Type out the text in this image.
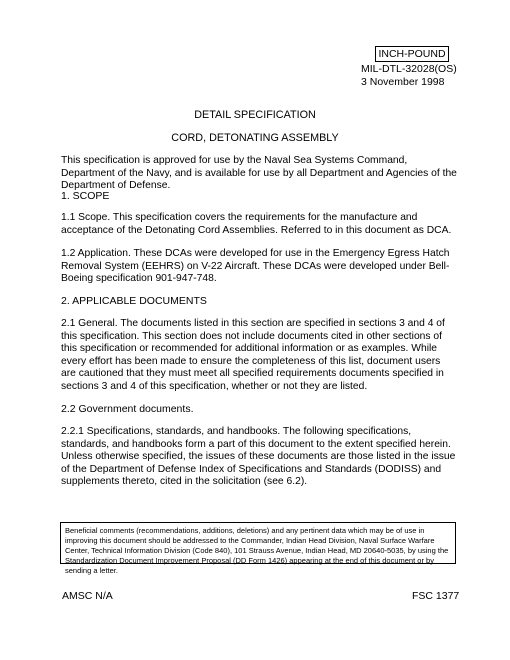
INCH-POUND
MIL-DTL-32028(OS)
3 November 1998
DETAIL SPECIFICATION
CORD, DETONATING ASSEMBLY

This specification is approved for use by the Naval Sea Systems Command, Department of the Navy, and is available for use by all Department and Agencies of the Department of Defense.

1. SCOPE

1.1 Scope. This specification covers the requirements for the manufacture and acceptance of the Detonating Cord Assemblies. Referred to in this document as DCA.

1.2 Application. These DCAs were developed for use in the Emergency Egress Hatch Removal System (EEHRS) on V-22 Aircraft. These DCAs were developed under Bell-Boeing specification 901-947-748.

2. APPLICABLE DOCUMENTS

2.1 General. The documents listed in this section are specified in sections 3 and 4 of this specification. This section does not include documents cited in other sections of this specification or recommended for additional information or as examples. While every effort has been made to ensure the completeness of this list, document users are cautioned that they must meet all specified requirements documents specified in sections 3 and 4 of this specification, whether or not they are listed.

2.2 Government documents.

2.2.1 Specifications, standards, and handbooks. The following specifications, standards, and handbooks form a part of this document to the extent specified herein. Unless otherwise specified, the issues of these documents are those listed in the issue of the Department of Defense Index of Specifications and Standards (DODISS) and supplements thereto, cited in the solicitation (see 6.2).

Beneficial comments (recommendations, additions, deletions) and any pertinent data which may be of use in improving this document should be addressed to the Commander, Indian Head Division, Naval Surface Warfare Center, Technical Information Division (Code 840), 101 Strauss Avenue, Indian Head, MD 20640-5035, by using the Standardization Document Improvement Proposal (DD Form 1426) appearing at the end of this document or by sending a letter.
AMSC N/A	FSC 1377
